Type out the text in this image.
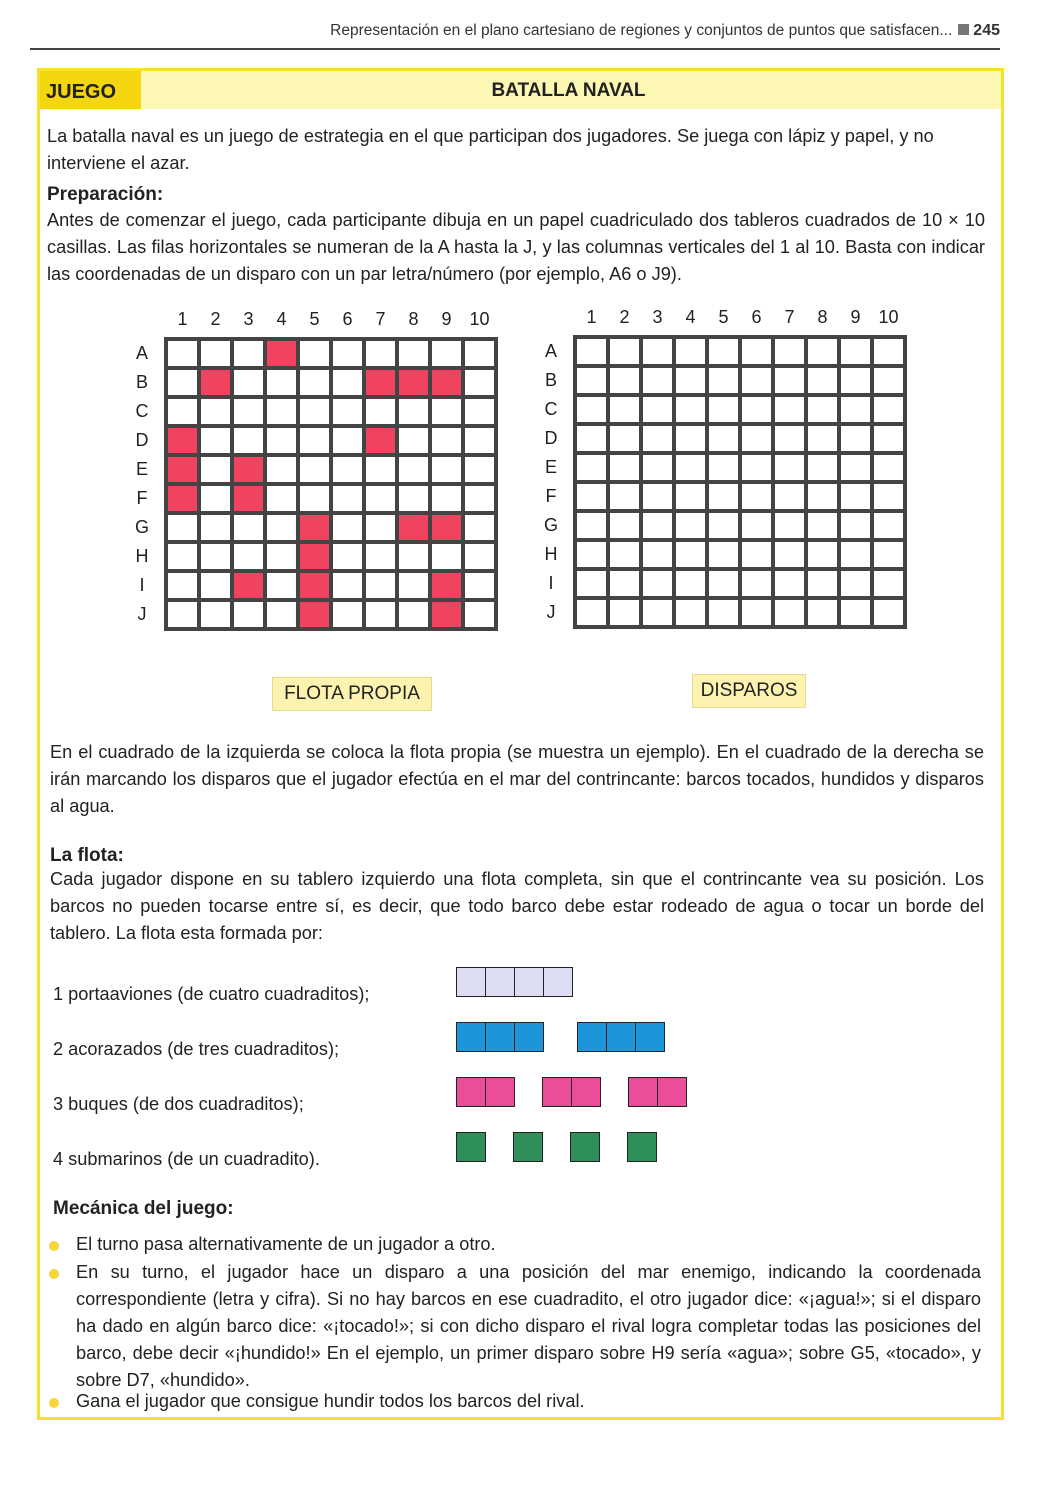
Representación en el plano cartesiano de regiones y conjuntos de puntos que satisfacen... 245
JUEGO	BATALLA NAVAL
La batalla naval es un juego de estrategia en el que participan dos jugadores. Se juega con lápiz y papel, y no interviene el azar.
Preparación:
Antes de comenzar el juego, cada participante dibuja en un papel cuadriculado dos tableros cuadrados de 10 × 10 casillas. Las filas horizontales se numeran de la A hasta la J, y las columnas verticales del 1 al 10. Basta con indicar las coordenadas de un disparo con un par letra/número (por ejemplo, A6 o J9).
1	2	3	4	5	6	7	8	9 10
A
B
C
D
E
F
G
H
I
J
1	2	3	4	5	6	7	8	9 10
A
B
C
D
E
F
G
H
I
J
FLOTA PROPIA	DISPAROS
En el cuadrado de la izquierda se coloca la flota propia (se muestra un ejemplo). En el cuadrado de la derecha se irán marcando los disparos que el jugador efectúa en el mar del contrincante: barcos tocados, hundidos y disparos al agua.
La flota:
Cada jugador dispone en su tablero izquierdo una flota completa, sin que el contrincante vea su posición. Los barcos no pueden tocarse entre sí, es decir, que todo barco debe estar rodeado de agua o tocar un borde del tablero. La flota esta formada por:
1 portaaviones (de cuatro cuadraditos);
2 acorazados (de tres cuadraditos);
3 buques (de dos cuadraditos);
4 submarinos (de un cuadradito).
Mecánica del juego:
El turno pasa alternativamente de un jugador a otro.
En su turno, el jugador hace un disparo a una posición del mar enemigo, indicando la coordenada correspondiente (letra y cifra). Si no hay barcos en ese cuadradito, el otro jugador dice: «¡agua!»; si el disparo ha dado en algún barco dice: «¡tocado!»; si con dicho disparo el rival logra completar todas las posiciones del barco, debe decir «¡hundido!» En el ejemplo, un primer disparo sobre H9 sería «agua»; sobre G5, «tocado», y sobre D7, «hundido».
Gana el jugador que consigue hundir todos los barcos del rival.
